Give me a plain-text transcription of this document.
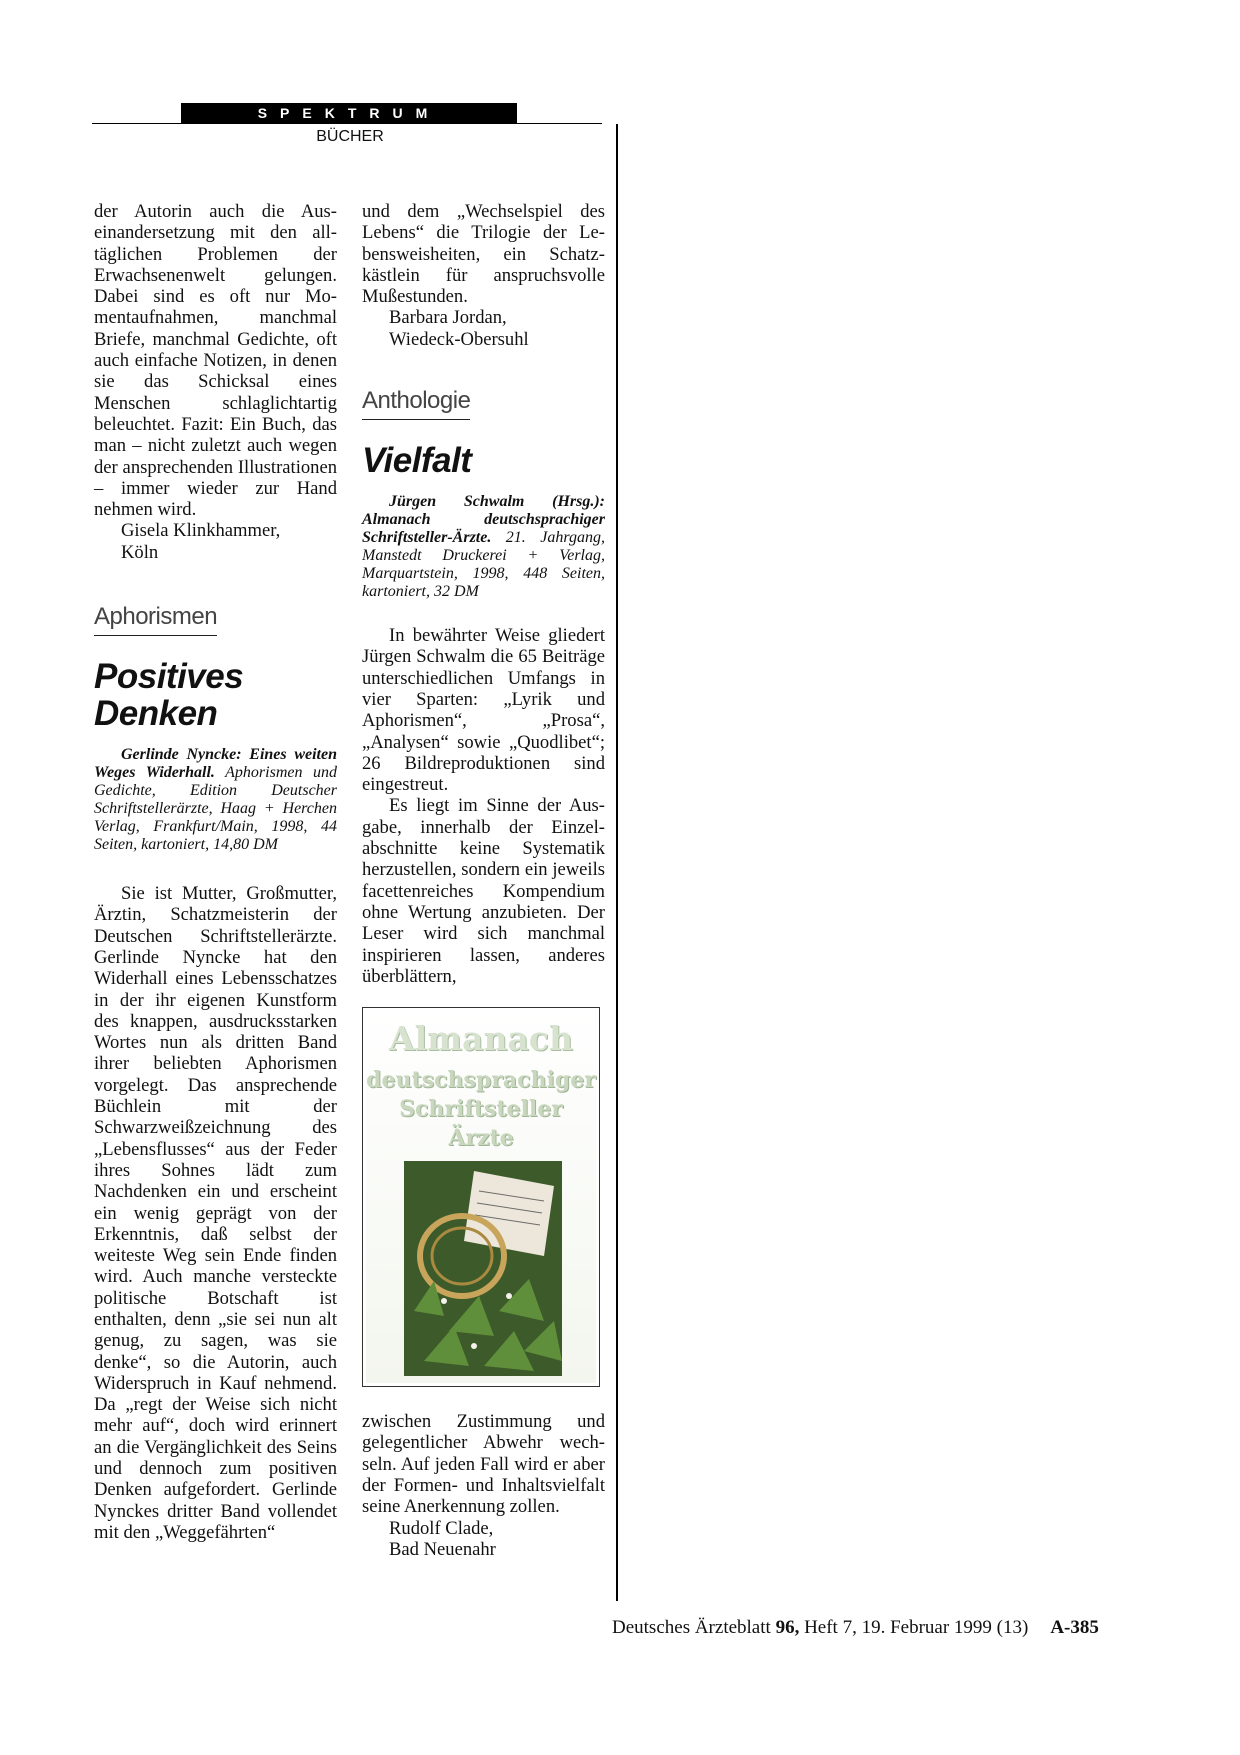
SPEKTRUM
BÜCHER

der Autorin auch die Auseinandersetzung mit den alltäglichen Problemen der Erwachsenenwelt gelungen. Dabei sind es oft nur Momentaufnahmen, manchmal Briefe, manchmal Gedichte, oft auch einfache Notizen, in denen sie das Schicksal eines Menschen schlaglichtartig beleuchtet. Fazit: Ein Buch, das man – nicht zuletzt auch wegen der ansprechenden Illustrationen – immer wieder zur Hand nehmen wird.

Gisela Klinkhammer,
Köln
Aphorismen
Positives
Denken
Gerlinde Nyncke: Eines weiten Weges Widerhall. Aphorismen und Gedichte, Edition Deutscher Schriftstellerärzte, Haag + Herchen Verlag, Frankfurt/Main, 1998, 44 Seiten, kartoniert, 14,80 DM

Sie ist Mutter, Großmutter, Ärztin, Schatzmeisterin der Deutschen Schriftstellerärzte. Gerlinde Nyncke hat den Widerhall eines Lebensschatzes in der ihr eigenen Kunstform des knappen, ausdrucksstarken Wortes nun als dritten Band ihrer beliebten Aphorismen vorgelegt. Das ansprechende Büchlein mit der Schwarzweißzeichnung des „Lebensflusses“ aus der Feder ihres Sohnes lädt zum Nachdenken ein und erscheint ein wenig geprägt von der Erkenntnis, daß selbst der weiteste Weg sein Ende finden wird. Auch manche versteckte politische Botschaft ist enthalten, denn „sie sei nun alt genug, zu sagen, was sie denke“, so die Autorin, auch Widerspruch in Kauf nehmend. Da „regt der Weise sich nicht mehr auf“, doch wird erinnert an die Vergänglichkeit des Seins und dennoch zum positiven Denken aufgefordert. Gerlinde Nynckes dritter Band vollendet mit den „Weggefährten“

und dem „Wechselspiel des Lebens“ die Trilogie der Lebensweisheiten, ein Schatzkästlein für anspruchsvolle Mußestunden.

Barbara Jordan,
Wiedeck-Obersuhl
Anthologie
Vielfalt
Jürgen Schwalm (Hrsg.): Almanach deutschsprachiger Schriftsteller-Ärzte. 21. Jahrgang, Manstedt Druckerei + Verlag, Marquartstein, 1998, 448 Seiten, kartoniert, 32 DM

In bewährter Weise gliedert Jürgen Schwalm die 65 Beiträge unterschiedlichen Umfangs in vier Sparten: „Lyrik und Aphorismen“, „Prosa“, „Analysen“ sowie „Quodlibet“; 26 Bildreproduktionen sind eingestreut.

Es liegt im Sinne der Ausgabe, innerhalb der Einzelabschnitte keine Systematik herzustellen, sondern ein jeweils facettenreiches Kompendium ohne Wertung anzubieten. Der Leser wird sich manchmal inspirieren lassen, anderes überblättern,

Almanach
deutschsprachiger
Schriftsteller
Ärzte

zwischen Zustimmung und gelegentlicher Abwehr wechseln. Auf jeden Fall wird er aber der Formen- und Inhaltsvielfalt seine Anerkennung zollen.

Rudolf Clade,
Bad Neuenahr
Deutsches Ärzteblatt 96, Heft 7, 19. Februar 1999 (13) A-385
